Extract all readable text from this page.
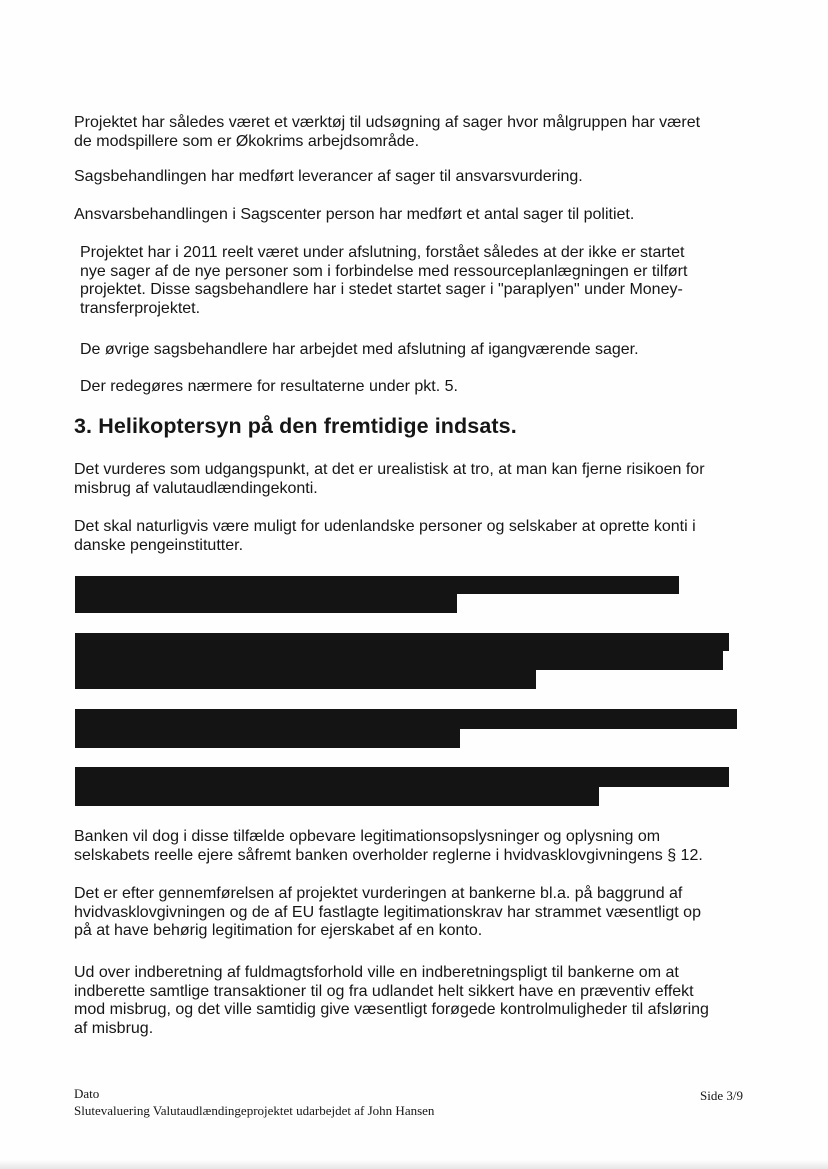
Projektet har således været et værktøj til udsøgning af sager hvor målgruppen har været
de modspillere som er Økokrims arbejdsområde.

Sagsbehandlingen har medført leverancer af sager til ansvarsvurdering.

Ansvarsbehandlingen i Sagscenter person har medført et antal sager til politiet.

Projektet har i 2011 reelt været under afslutning, forstået således at der ikke er startet
nye sager af de nye personer som i forbindelse med ressourceplanlægningen er tilført
projektet. Disse sagsbehandlere har i stedet startet sager i "paraplyen" under Money-
transferprojektet.

De øvrige sagsbehandlere har arbejdet med afslutning af igangværende sager.

Der redegøres nærmere for resultaterne under pkt. 5.

3. Helikoptersyn på den fremtidige indsats.

Det vurderes som udgangspunkt, at det er urealistisk at tro, at man kan fjerne risikoen for
misbrug af valutaudlændingekonti.

Det skal naturligvis være muligt for udenlandske personer og selskaber at oprette konti i
danske pengeinstitutter.

Banken vil dog i disse tilfælde opbevare legitimationsopslysninger og oplysning om
selskabets reelle ejere såfremt banken overholder reglerne i hvidvasklovgivningens § 12.

Det er efter gennemførelsen af projektet vurderingen at bankerne bl.a. på baggrund af
hvidvasklovgivningen og de af EU fastlagte legitimationskrav har strammet væsentligt op
på at have behørig legitimation for ejerskabet af en konto.

Ud over indberetning af fuldmagtsforhold ville en indberetningspligt til bankerne om at
indberette samtlige transaktioner til og fra udlandet helt sikkert have en præventiv effekt
mod misbrug, og det ville samtidig give væsentligt forøgede kontrolmuligheder til afsløring
af misbrug.

Dato

Slutevaluering Valutaudlændingeprojektet udarbejdet af John Hansen

Side 3/9
